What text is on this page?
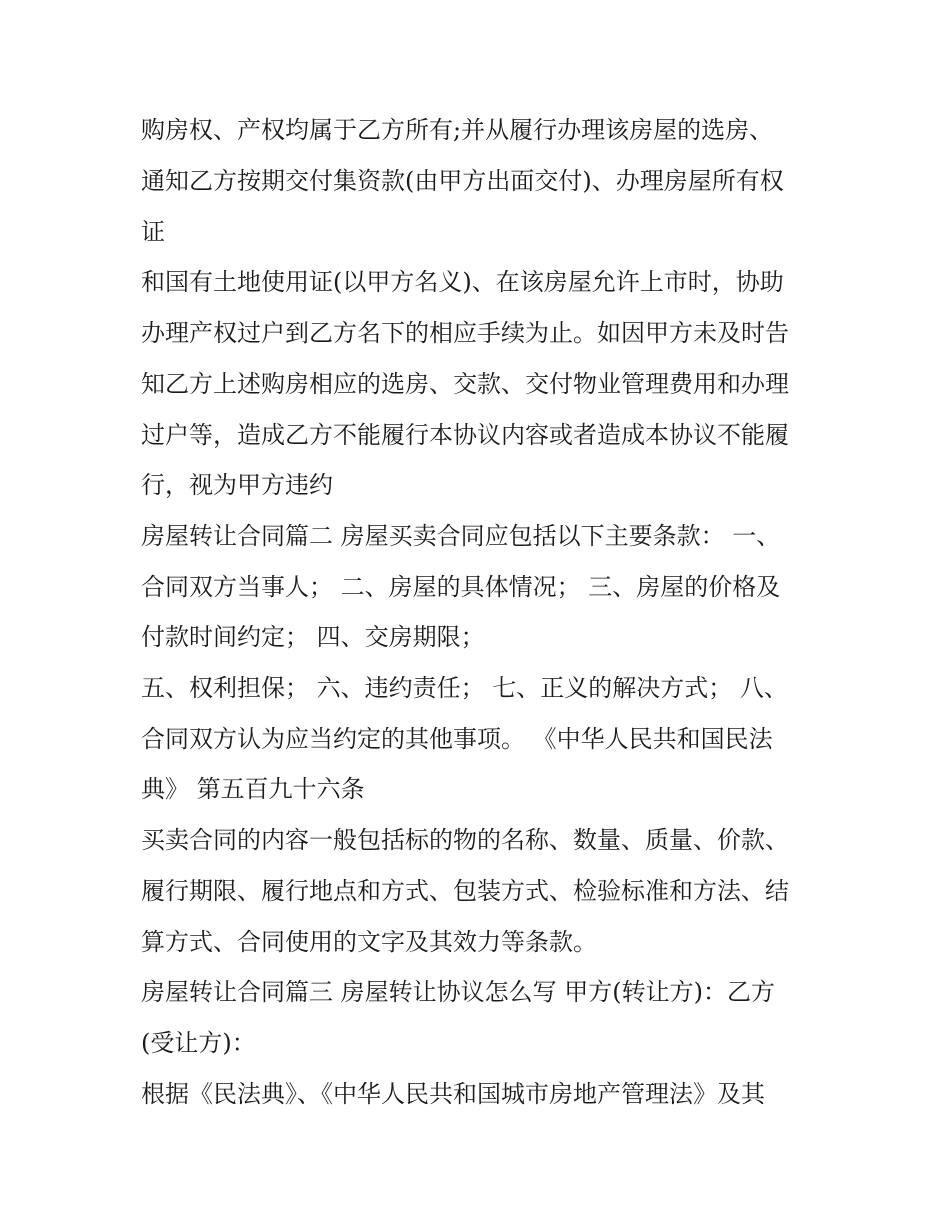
购房权、产权均属于乙方所有;并从履行办理该房屋的选房、

通知乙方按期交付集资款(由甲方出面交付)、办理房屋所有权

证

和国有土地使用证(以甲方名义)、在该房屋允许上市时，协助

办理产权过户到乙方名下的相应手续为止。如因甲方未及时告

知乙方上述购房相应的选房、交款、交付物业管理费用和办理

过户等，造成乙方不能履行本协议内容或者造成本协议不能履

行，视为甲方违约

房屋转让合同篇二 房屋买卖合同应包括以下主要条款： 一、

合同双方当事人； 二、房屋的具体情况； 三、房屋的价格及

付款时间约定； 四、交房期限；

五、权利担保； 六、违约责任； 七、正义的解决方式； 八、

合同双方认为应当约定的其他事项。 《中华人民共和国民法

典》 第五百九十六条

买卖合同的内容一般包括标的物的名称、数量、质量、价款、

履行期限、履行地点和方式、包装方式、检验标准和方法、结

算方式、合同使用的文字及其效力等条款。

房屋转让合同篇三 房屋转让协议怎么写 甲方(转让方)：乙方

(受让方)：

根据《民法典》、《中华人民共和国城市房地产管理法》及其
